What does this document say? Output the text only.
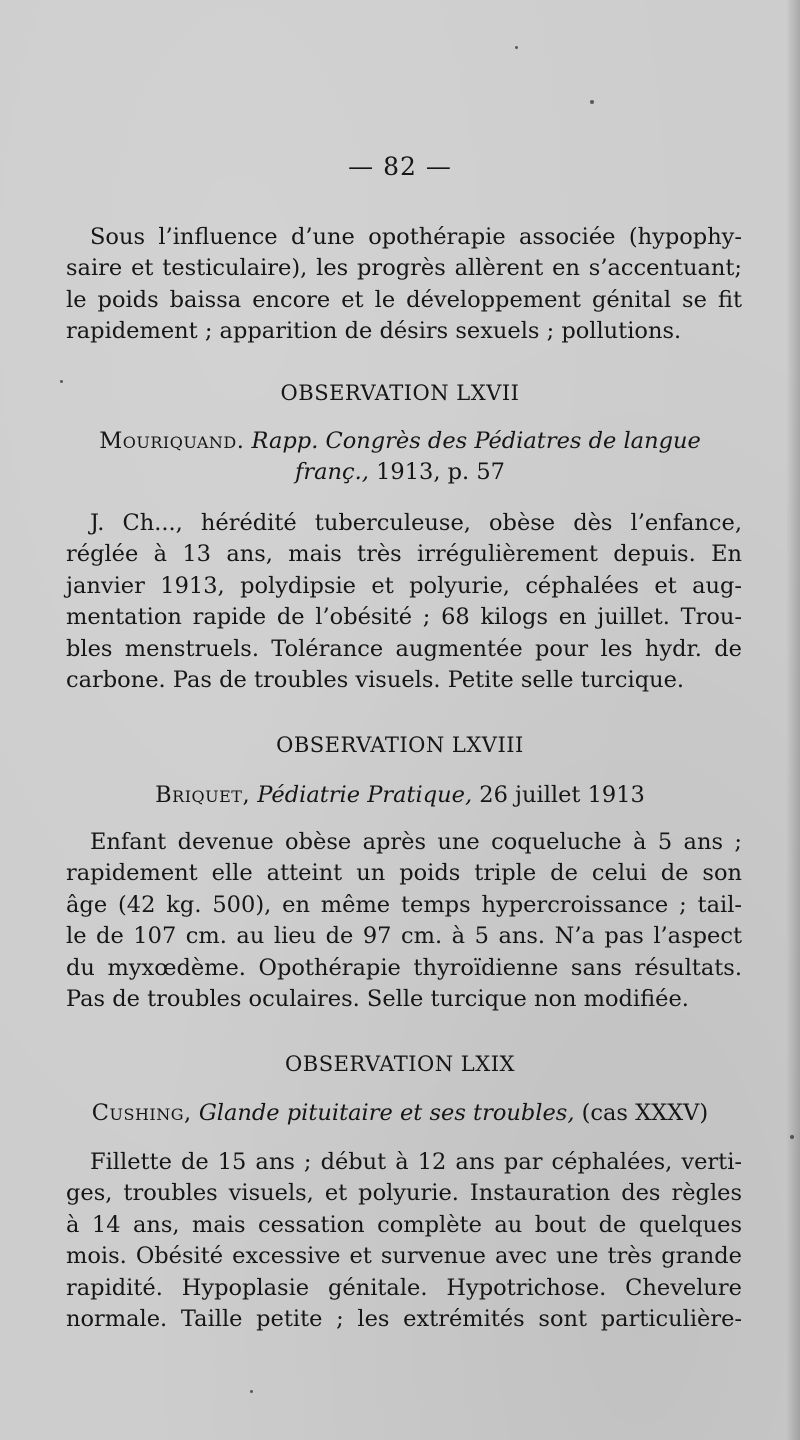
— 82 —

Sous l’influence d’une opothérapie associée (hypophy-
saire et testiculaire), les progrès allèrent en s’accentuant;
le poids baissa encore et le développement génital se fit
rapidement ; apparition de désirs sexuels ; pollutions.

OBSERVATION LXVII
Mouriquand. Rapp. Congrès des Pédiatres de langue
franç., 1913, p. 57

J. Ch..., hérédité tuberculeuse, obèse dès l’enfance,
réglée à 13 ans, mais très irrégulièrement depuis. En
janvier 1913, polydipsie et polyurie, céphalées et aug-
mentation rapide de l’obésité ; 68 kilogs en juillet. Trou-
bles menstruels. Tolérance augmentée pour les hydr. de
carbone. Pas de troubles visuels. Petite selle turcique.

OBSERVATION LXVIII
Briquet, Pédiatrie Pratique, 26 juillet 1913

Enfant devenue obèse après une coqueluche à 5 ans ;
rapidement elle atteint un poids triple de celui de son
âge (42 kg. 500), en même temps hypercroissance ; tail-
le de 107 cm. au lieu de 97 cm. à 5 ans. N’a pas l’aspect
du myxœdème. Opothérapie thyroïdienne sans résultats.
Pas de troubles oculaires. Selle turcique non modifiée.

OBSERVATION LXIX
Cushing, Glande pituitaire et ses troubles, (cas XXXV)

Fillette de 15 ans ; début à 12 ans par céphalées, verti-
ges, troubles visuels, et polyurie. Instauration des règles
à 14 ans, mais cessation complète au bout de quelques
mois. Obésité excessive et survenue avec une très grande
rapidité. Hypoplasie génitale. Hypotrichose. Chevelure
normale. Taille petite ; les extrémités sont particulière-
